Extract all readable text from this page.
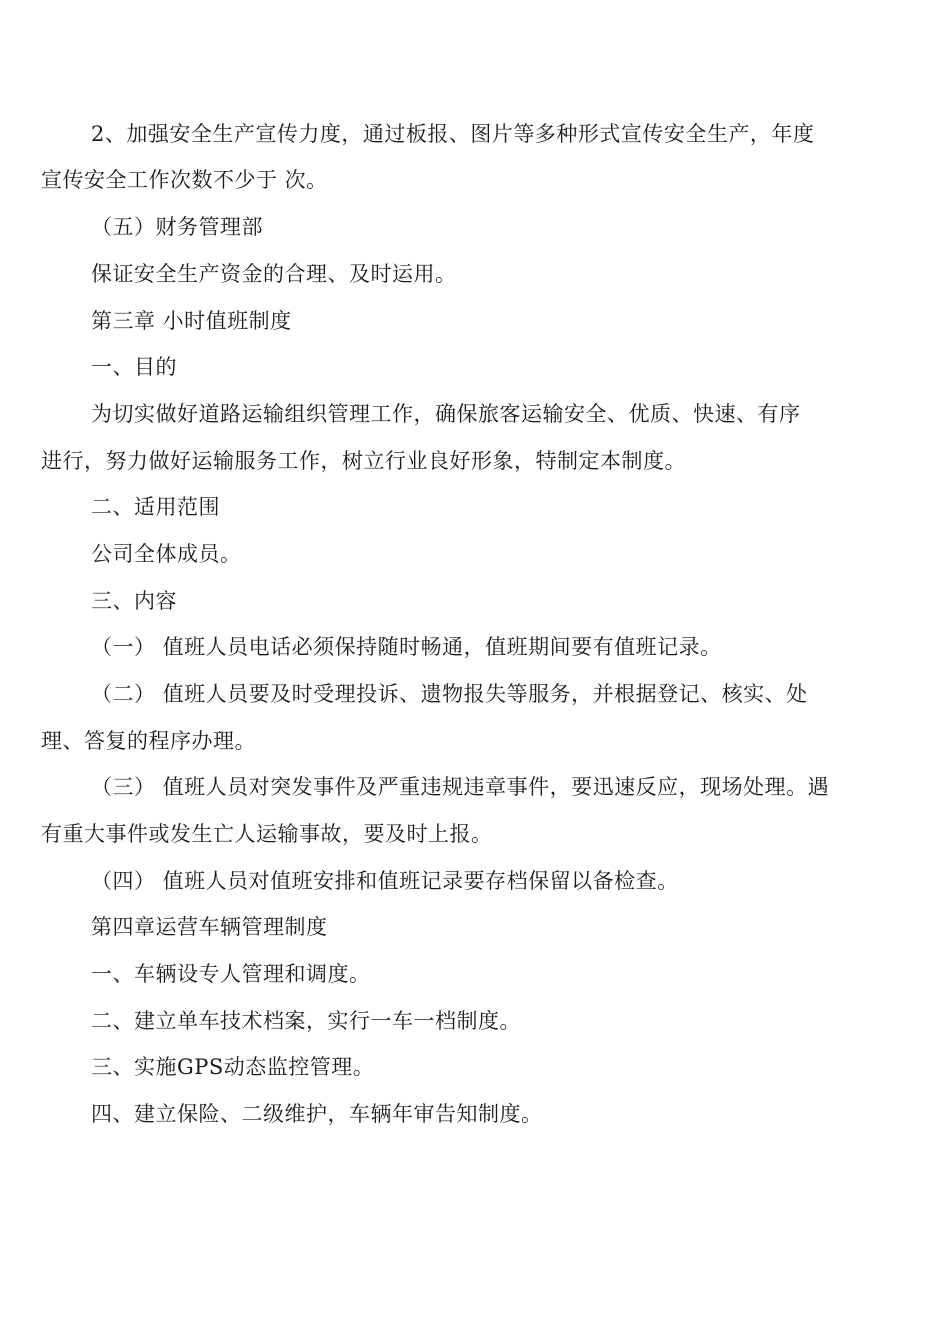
2、加强安全生产宣传力度，通过板报、图片等多种形式宣传安全生产，年度
宣传安全工作次数不少于 次。
（五）财务管理部
保证安全生产资金的合理、及时运用。
第三章 小时值班制度
一、目的
为切实做好道路运输组织管理工作，确保旅客运输安全、优质、快速、有序
进行，努力做好运输服务工作，树立行业良好形象，特制定本制度。
二、适用范围
公司全体成员。
三、内容
（一） 值班人员电话必须保持随时畅通，值班期间要有值班记录。
（二） 值班人员要及时受理投诉、遗物报失等服务，并根据登记、核实、处
理、答复的程序办理。
（三） 值班人员对突发事件及严重违规违章事件，要迅速反应，现场处理。遇
有重大事件或发生亡人运输事故，要及时上报。
（四） 值班人员对值班安排和值班记录要存档保留以备检查。
第四章运营车辆管理制度
一、车辆设专人管理和调度。
二、建立单车技术档案，实行一车一档制度。
三、实施GPS动态监控管理。
四、建立保险、二级维护，车辆年审告知制度。
